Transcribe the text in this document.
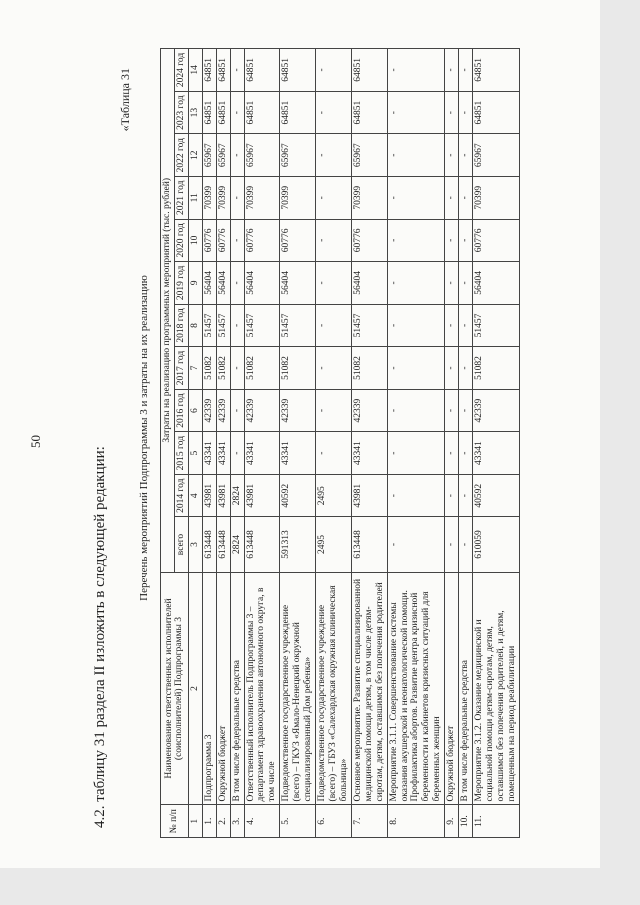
50
4.2. таблицу 31 раздела II изложить в следующей редакции:
«Таблица 31
Перечень мероприятий Подпрограммы 3 и затраты на их реализацию
№ п/п	Наименование ответственных исполнителей (соисполнителей) Подпрограммы 3	Затраты на реализацию программных мероприятий (тыс. рублей)											
		всего	2014 год	2015 год	2016 год	2017 год	2018 год	2019 год	2020 год	2021 год	2022 год	2023 год	2024 год
1	2	3	4	5	6	7	8	9	10	11	12	13	14
1.	Подпрограмма 3	613448	43981	43341	42339	51082	51457	56404	60776	70399	65967	64851	64851
2.	Окружной бюджет	613448	43981	43341	42339	51082	51457	56404	60776	70399	65967	64851	64851
3.	В том числе федеральные средства	2824	2824	-	-	-	-	-	-	-	-	-	-
4.	Ответственный исполнитель Подпрограммы 3 – департамент здравоохранения автономного округа, в том числе	613448	43981	43341	42339	51082	51457	56404	60776	70399	65967	64851	64851
5.	Подведомственное государственное учреждение (всего) – ГКУЗ «Ямало-Ненецкий окружной специализированный Дом ребенка»	591313	40592	43341	42339	51082	51457	56404	60776	70399	65967	64851	64851
6.	Подведомственное государственное учреждение (всего) – ГБУЗ «Салехардская окружная клиническая больница»	2495	2495	-	-	-	-	-	-	-	-	-	-
7.	Основное мероприятие. Развитие специализированной медицинской помощи детям, в том числе детям-сиротам, детям, оставшимся без попечения родителей	613448	43981	43341	42339	51082	51457	56404	60776	70399	65967	64851	64851
8.	Мероприятие 3.1.1. Совершенствование системы оказания акушерской и неонатологической помощи. Профилактика абортов. Развитие центра кризисной беременности и кабинетов кризисных ситуаций для беременных женщин	-	-	-	-	-	-	-	-	-	-	-	-
9.	Окружной бюджет	-	-	-	-	-	-	-	-	-	-	-	-
10.	В том числе федеральные средства	-	-	-	-	-	-	-	-	-	-	-	-
11.	Мероприятие 3.1.2. Оказание медицинской и социальной помощи детям-сиротам, детям, оставшимся без попечения родителей, и детям, помещенным на период реабилитации	610059	40592	43341	42339	51082	51457	56404	60776	70399	65967	64851	64851
